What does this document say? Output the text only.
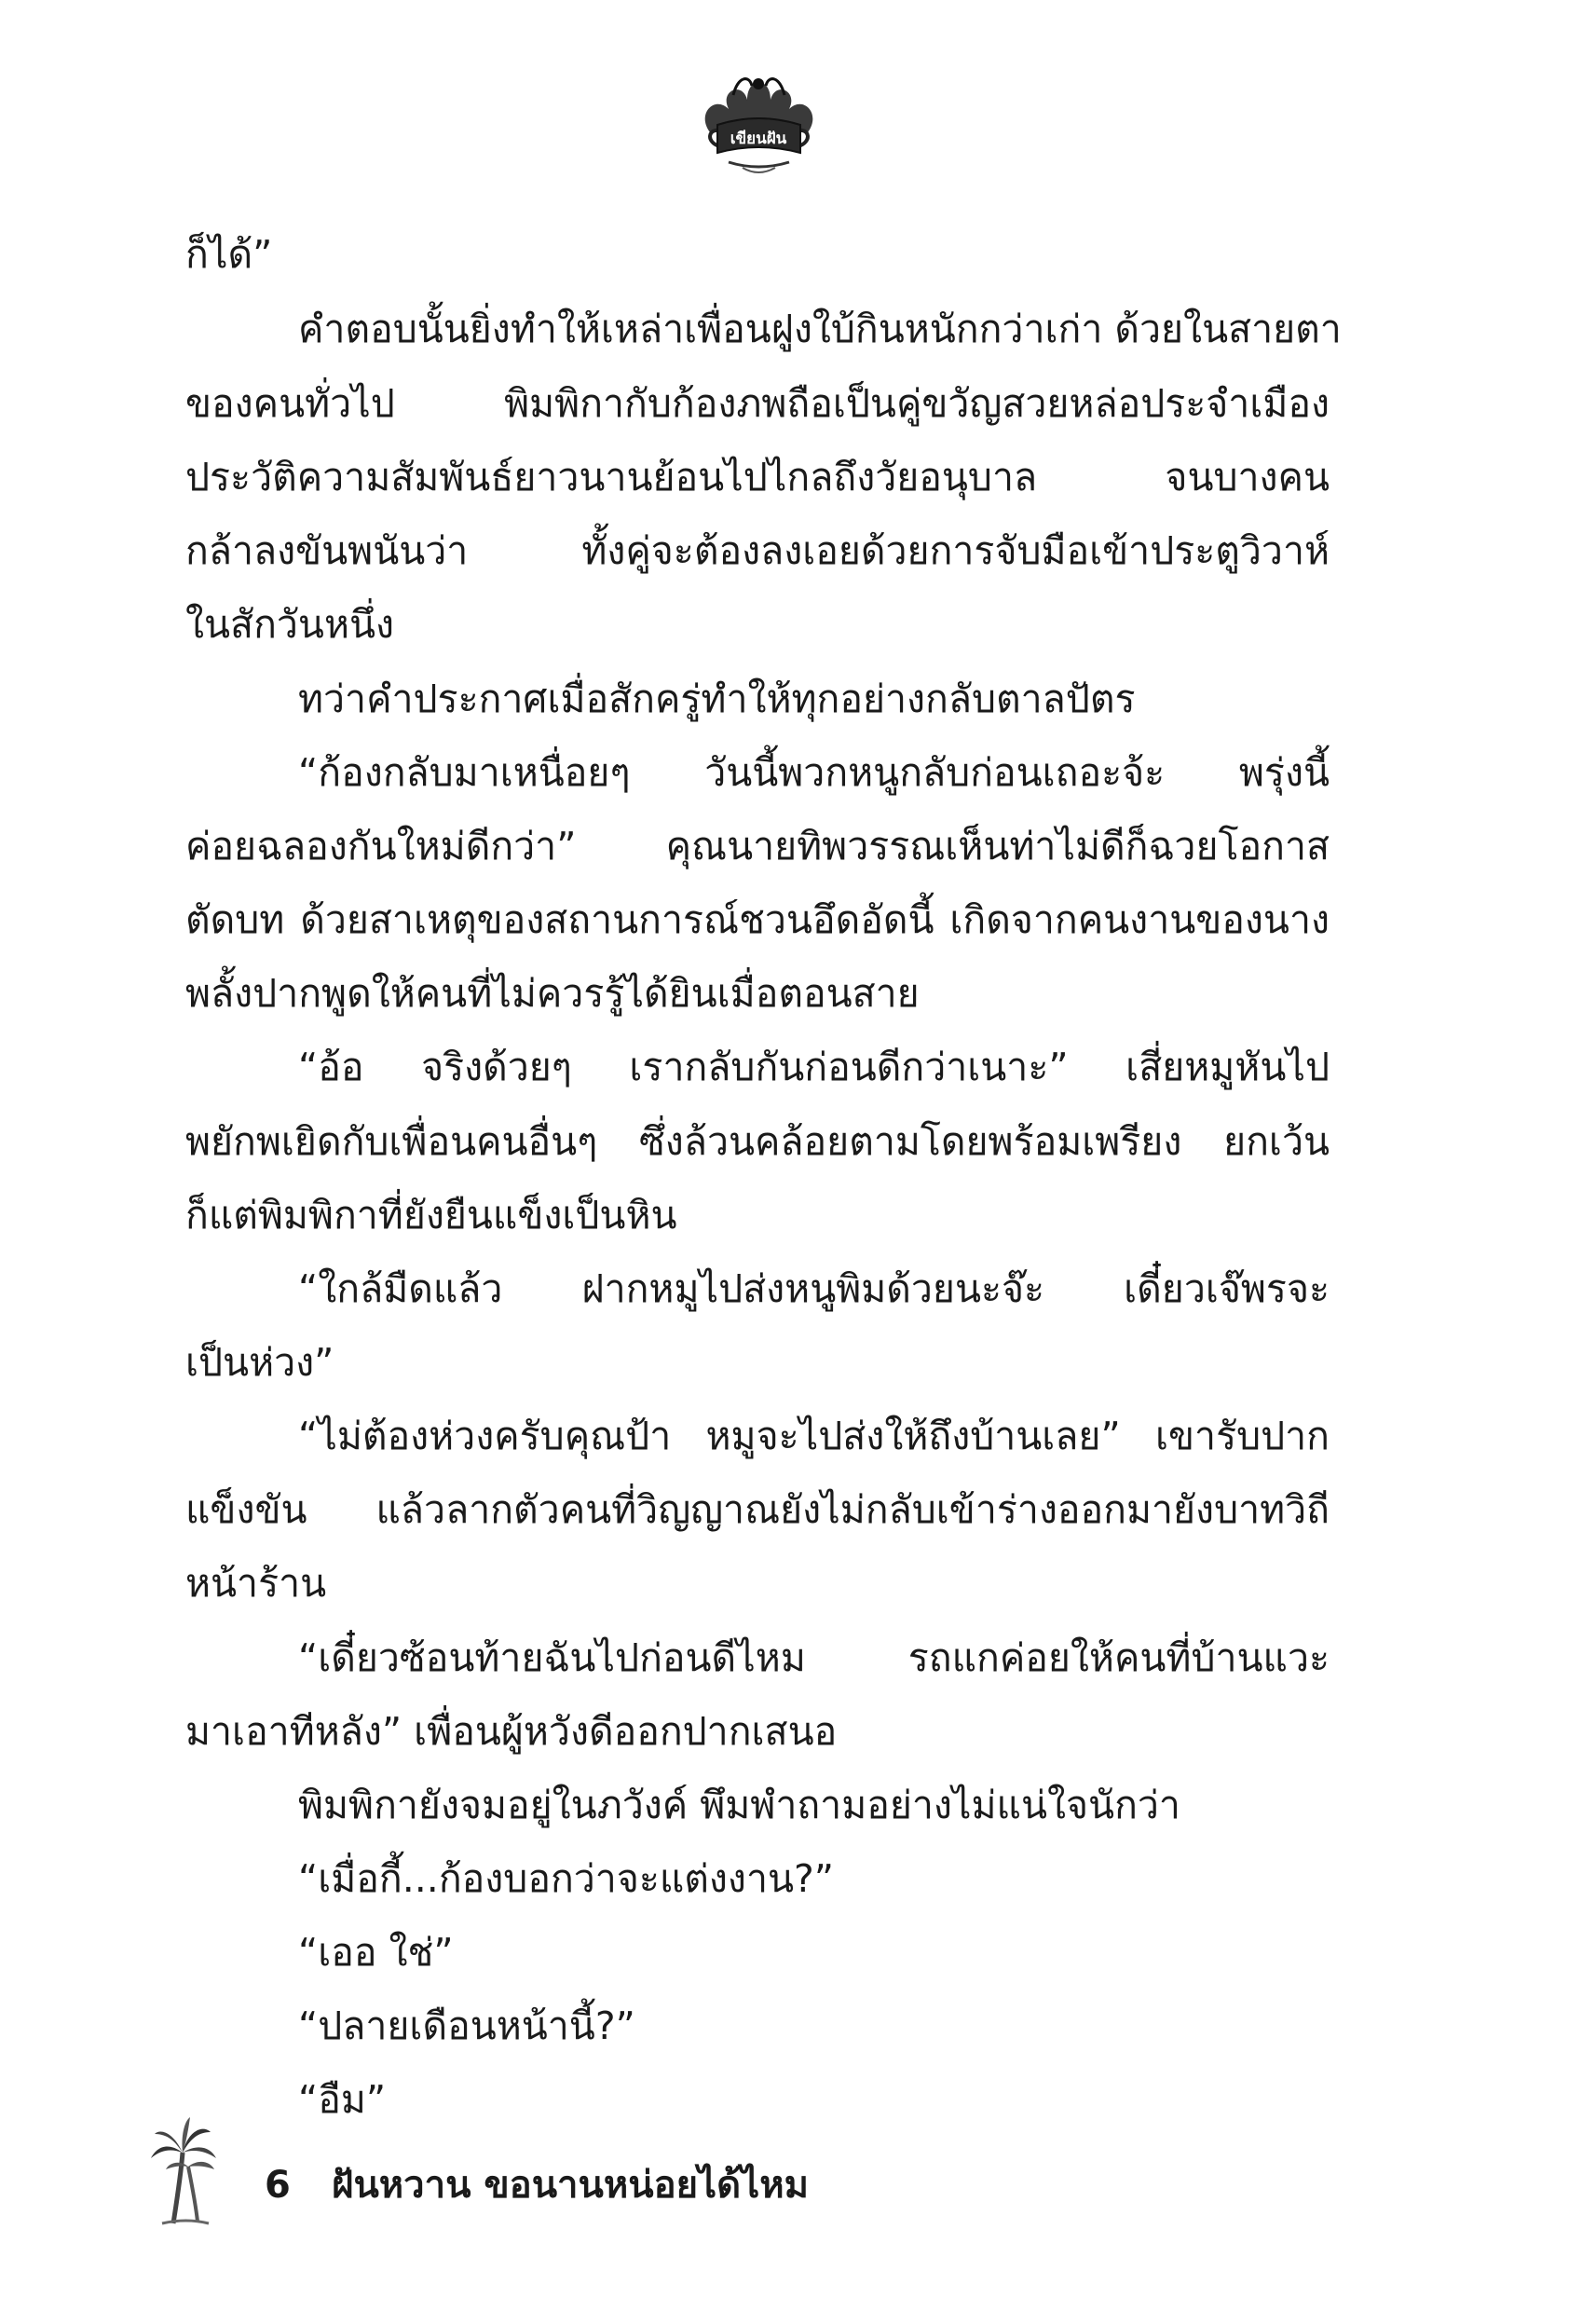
เขียนฝัน
ก็ได้”
คำตอบนั้นยิ่งทำให้เหล่าเพื่อนฝูงใบ้กินหนักกว่าเก่า ด้วยในสายตา
ของคนทั่วไป พิมพิกากับก้องภพถือเป็นคู่ขวัญสวยหล่อประจำเมือง
ประวัติความสัมพันธ์ยาวนานย้อนไปไกลถึงวัยอนุบาล จนบางคน
กล้าลงขันพนันว่า ทั้งคู่จะต้องลงเอยด้วยการจับมือเข้าประตูวิวาห์
ในสักวันหนึ่ง
ทว่าคำประกาศเมื่อสักครู่ทำให้ทุกอย่างกลับตาลปัตร
“ก้องกลับมาเหนื่อยๆ วันนี้พวกหนูกลับก่อนเถอะจ้ะ พรุ่งนี้
ค่อยฉลองกันใหม่ดีกว่า” คุณนายทิพวรรณเห็นท่าไม่ดีก็ฉวยโอกาส
ตัดบท ด้วยสาเหตุของสถานการณ์ชวนอึดอัดนี้ เกิดจากคนงานของนาง
พลั้งปากพูดให้คนที่ไม่ควรรู้ได้ยินเมื่อตอนสาย
“อ้อ จริงด้วยๆ เรากลับกันก่อนดีกว่าเนาะ” เสี่ยหมูหันไป
พยักพเยิดกับเพื่อนคนอื่นๆ ซึ่งล้วนคล้อยตามโดยพร้อมเพรียง ยกเว้น
ก็แต่พิมพิกาที่ยังยืนแข็งเป็นหิน
“ใกล้มืดแล้ว ฝากหมูไปส่งหนูพิมด้วยนะจ๊ะ เดี๋ยวเจ๊พรจะ
เป็นห่วง”
“ไม่ต้องห่วงครับคุณป้า หมูจะไปส่งให้ถึงบ้านเลย” เขารับปาก
แข็งขัน แล้วลากตัวคนที่วิญญาณยังไม่กลับเข้าร่างออกมายังบาทวิถี
หน้าร้าน
“เดี๋ยวซ้อนท้ายฉันไปก่อนดีไหม รถแกค่อยให้คนที่บ้านแวะ
มาเอาทีหลัง” เพื่อนผู้หวังดีออกปากเสนอ
พิมพิกายังจมอยู่ในภวังค์ พึมพำถามอย่างไม่แน่ใจนักว่า
“เมื่อกี้...ก้องบอกว่าจะแต่งงาน?”
“เออ ใช่”
“ปลายเดือนหน้านี้?”
“อืม”
6 ฝันหวาน ขอนานหน่อยได้ไหม
